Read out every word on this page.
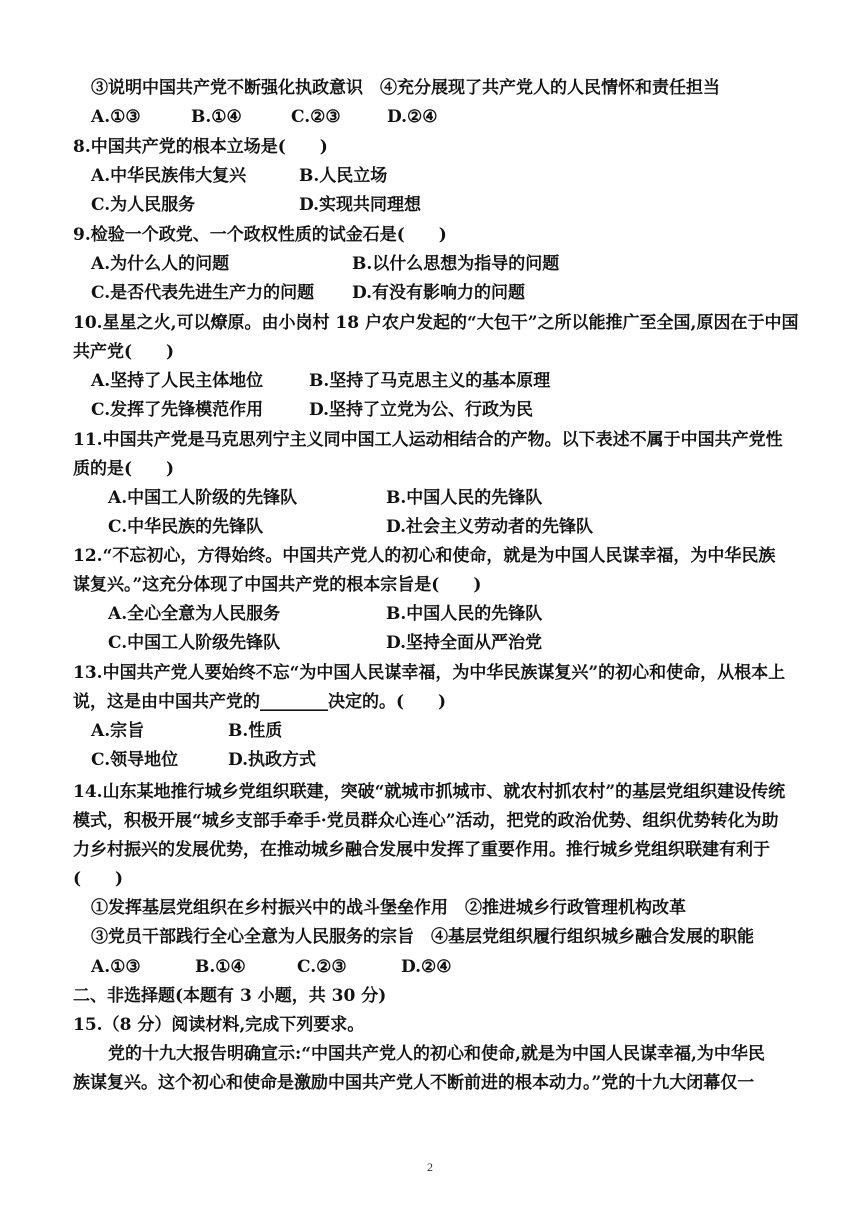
③说明中国共产党不断强化执政意识　④充分展现了共产党人的人民情怀和责任担当
A.①③	B.①④	C.②③	D.②④
8.中国共产党的根本立场是(　　)
A.中华民族伟大复兴	B.人民立场
C.为人民服务	D.实现共同理想
9.检验一个政党、一个政权性质的试金石是(　　)
A.为什么人的问题	B.以什么思想为指导的问题
C.是否代表先进生产力的问题 D.有没有影响力的问题
10.星星之火,可以燎原。由小岗村 18 户农户发起的“大包干”之所以能推广至全国,原因在于中国
共产党(　　)
A.坚持了人民主体地位	B.坚持了马克思主义的基本原理
C.发挥了先锋模范作用	D.坚持了立党为公、行政为民
11.中国共产党是马克思列宁主义同中国工人运动相结合的产物。以下表述不属于中国共产党性
质的是(　　)
A.中国工人阶级的先锋队	B.中国人民的先锋队
C.中华民族的先锋队	D.社会主义劳动者的先锋队
12.“不忘初心，方得始终。中国共产党人的初心和使命，就是为中国人民谋幸福，为中华民族
谋复兴。”这充分体现了中国共产党的根本宗旨是(　　)
A.全心全意为人民服务	B.中国人民的先锋队
C.中国工人阶级先锋队	D.坚持全面从严治党
13.中国共产党人要始终不忘“为中国人民谋幸福，为中华民族谋复兴”的初心和使命，从根本上
说，这是由中国共产党的________决定的。(　　)
A.宗旨	B.性质
C.领导地位	D.执政方式
14.山东某地推行城乡党组织联建，突破“就城市抓城市、就农村抓农村”的基层党组织建设传统
模式，积极开展“城乡支部手牵手·党员群众心连心”活动，把党的政治优势、组织优势转化为助
力乡村振兴的发展优势，在推动城乡融合发展中发挥了重要作用。推行城乡党组织联建有利于
(　　)
①发挥基层党组织在乡村振兴中的战斗堡垒作用　②推进城乡行政管理机构改革
③党员干部践行全心全意为人民服务的宗旨　④基层党组织履行组织城乡融合发展的职能
A.①③	B.①④	C.②③	D.②④
二、非选择题(本题有 3 小题，共 30 分)
15.（8 分）阅读材料,完成下列要求。
党的十九大报告明确宣示:“中国共产党人的初心和使命,就是为中国人民谋幸福,为中华民
族谋复兴。这个初心和使命是激励中国共产党人不断前进的根本动力。”党的十九大闭幕仅一
2
